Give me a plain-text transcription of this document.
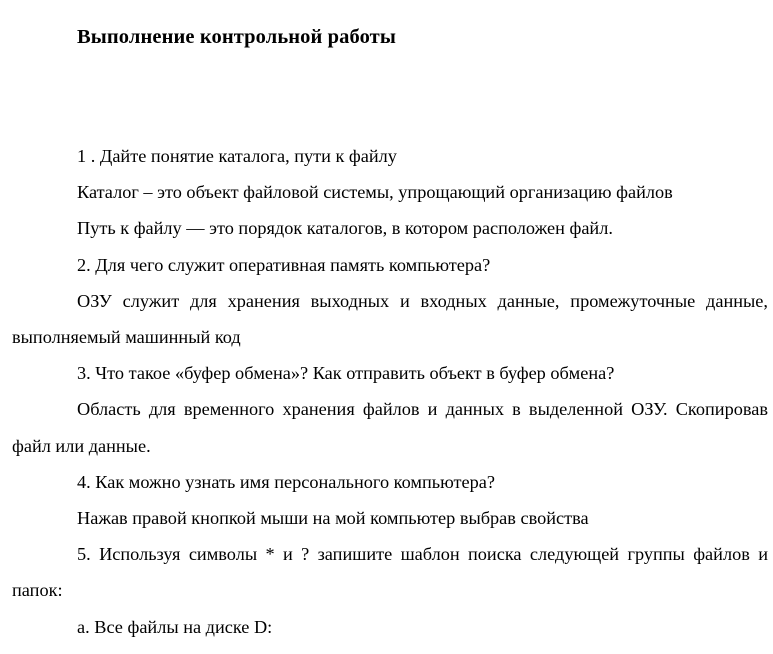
Выполнение контрольной работы

1 . Дайте понятие каталога, пути к файлу

Каталог – это объект файловой системы, упрощающий организацию файлов

Путь к файлу — это порядок каталогов, в котором расположен файл.

2. Для чего служит оперативная память компьютера?

ОЗУ служит для хранения выходных и входных данные, промежуточные данные, выполняемый машинный код

3. Что такое «буфер обмена»? Как отправить объект в буфер обмена?

Область для временного хранения файлов и данных в выделенной ОЗУ. Скопировав файл или данные.

4. Как можно узнать имя персонального компьютера?

Нажав правой кнопкой мыши на мой компьютер выбрав свойства

5. Используя символы * и ? запишите шаблон поиска следующей группы файлов и папок:

a. Все файлы на диске D:
